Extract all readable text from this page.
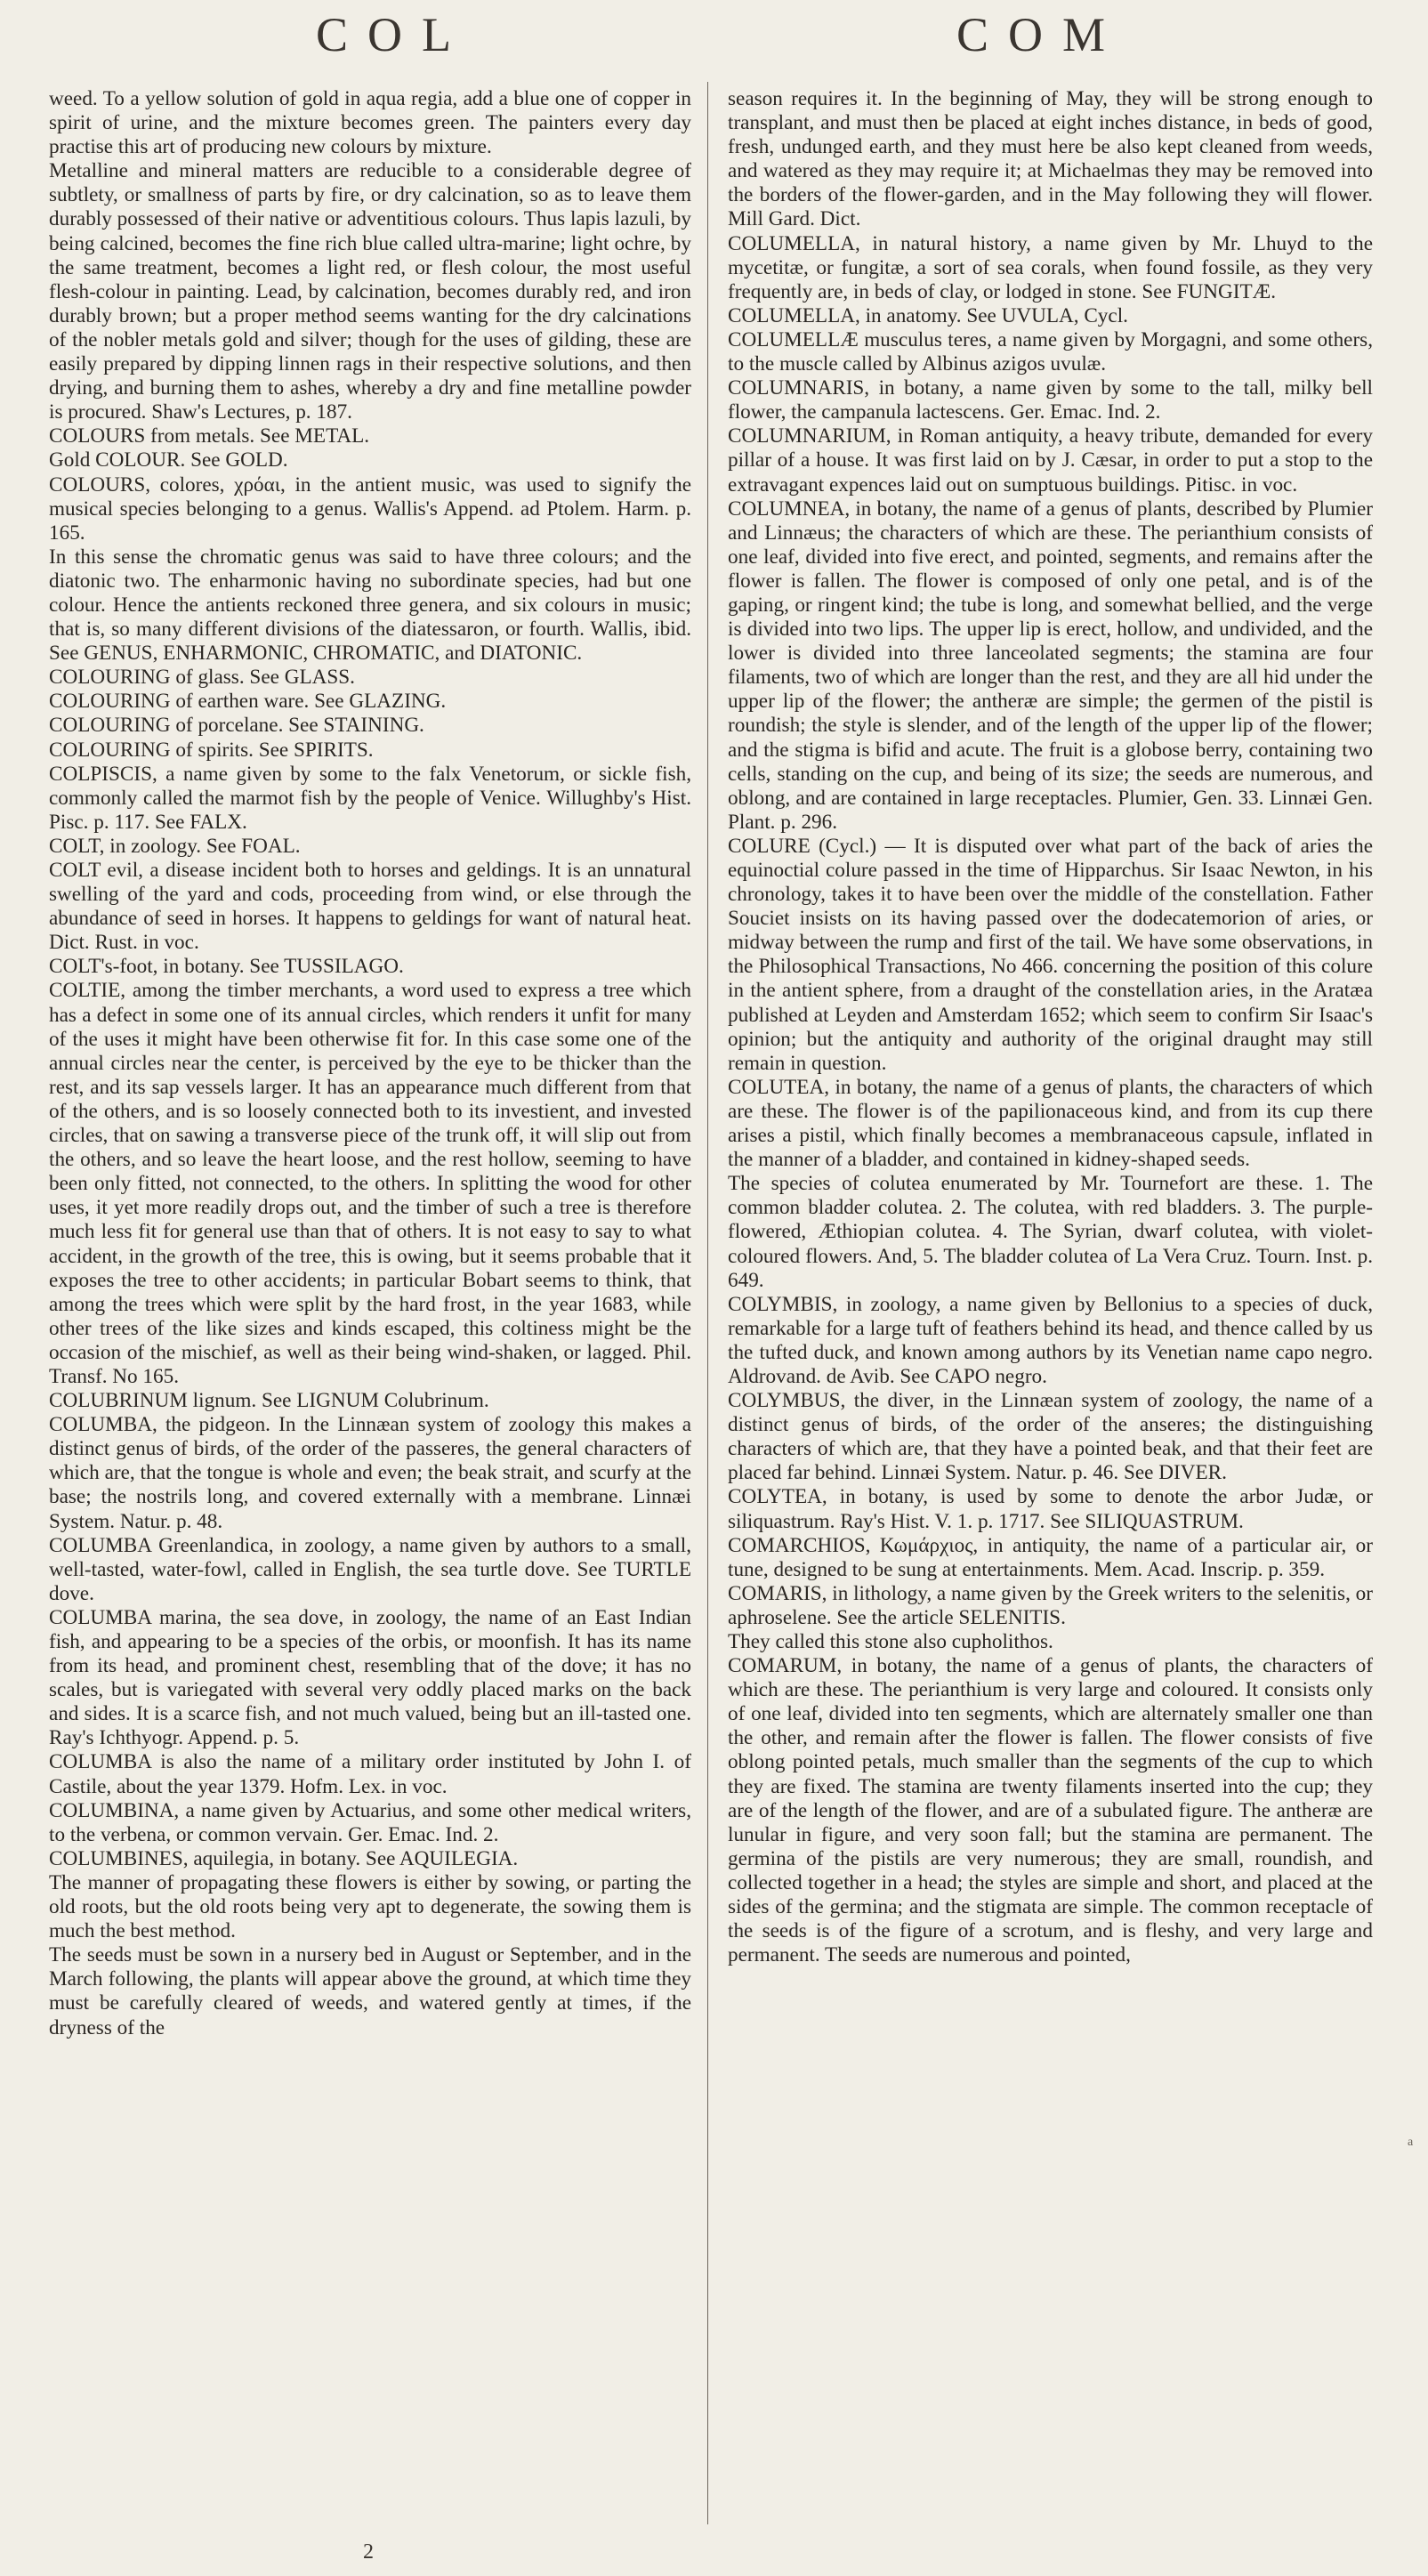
COL	COM

weed. To a yellow solution of gold in aqua regia, add a blue one of copper in spirit of urine, and the mixture becomes green. The painters every day practise this art of producing new colours by mixture.

Metalline and mineral matters are reducible to a considerable degree of subtlety, or smallness of parts by fire, or dry calcination, so as to leave them durably possessed of their native or adventitious colours. Thus lapis lazuli, by being calcined, becomes the fine rich blue called ultra-marine; light ochre, by the same treatment, becomes a light red, or flesh colour, the most useful flesh-colour in painting. Lead, by calcination, becomes durably red, and iron durably brown; but a proper method seems wanting for the dry calcinations of the nobler metals gold and silver; though for the uses of gilding, these are easily prepared by dipping linnen rags in their respective solutions, and then drying, and burning them to ashes, whereby a dry and fine metalline powder is procured. Shaw's Lectures, p. 187.

COLOURS from metals. See METAL.

Gold COLOUR. See GOLD.

COLOURS, colores, χρόαι, in the antient music, was used to signify the musical species belonging to a genus. Wallis's Append. ad Ptolem. Harm. p. 165.

In this sense the chromatic genus was said to have three colours; and the diatonic two. The enharmonic having no subordinate species, had but one colour. Hence the antients reckoned three genera, and six colours in music; that is, so many different divisions of the diatessaron, or fourth. Wallis, ibid. See GENUS, ENHARMONIC, CHROMATIC, and DIATONIC.

COLOURING of glass. See GLASS.

COLOURING of earthen ware. See GLAZING.

COLOURING of porcelane. See STAINING.

COLOURING of spirits. See SPIRITS.

COLPISCIS, a name given by some to the falx Venetorum, or sickle fish, commonly called the marmot fish by the people of Venice. Willughby's Hist. Pisc. p. 117. See FALX.

COLT, in zoology. See FOAL.

COLT evil, a disease incident both to horses and geldings. It is an unnatural swelling of the yard and cods, proceeding from wind, or else through the abundance of seed in horses. It happens to geldings for want of natural heat. Dict. Rust. in voc.

COLT's-foot, in botany. See TUSSILAGO.

COLTIE, among the timber merchants, a word used to express a tree which has a defect in some one of its annual circles, which renders it unfit for many of the uses it might have been otherwise fit for. In this case some one of the annual circles near the center, is perceived by the eye to be thicker than the rest, and its sap vessels larger. It has an appearance much different from that of the others, and is so loosely connected both to its investient, and invested circles, that on sawing a transverse piece of the trunk off, it will slip out from the others, and so leave the heart loose, and the rest hollow, seeming to have been only fitted, not connected, to the others. In splitting the wood for other uses, it yet more readily drops out, and the timber of such a tree is therefore much less fit for general use than that of others. It is not easy to say to what accident, in the growth of the tree, this is owing, but it seems probable that it exposes the tree to other accidents; in particular Bobart seems to think, that among the trees which were split by the hard frost, in the year 1683, while other trees of the like sizes and kinds escaped, this coltiness might be the occasion of the mischief, as well as their being wind-shaken, or lagged. Phil. Transf. No 165.

COLUBRINUM lignum. See LIGNUM Colubrinum.

COLUMBA, the pidgeon. In the Linnæan system of zoology this makes a distinct genus of birds, of the order of the passeres, the general characters of which are, that the tongue is whole and even; the beak strait, and scurfy at the base; the nostrils long, and covered externally with a membrane. Linnæi System. Natur. p. 48.

COLUMBA Greenlandica, in zoology, a name given by authors to a small, well-tasted, water-fowl, called in English, the sea turtle dove. See TURTLE dove.

COLUMBA marina, the sea dove, in zoology, the name of an East Indian fish, and appearing to be a species of the orbis, or moonfish. It has its name from its head, and prominent chest, resembling that of the dove; it has no scales, but is variegated with several very oddly placed marks on the back and sides. It is a scarce fish, and not much valued, being but an ill-tasted one. Ray's Ichthyogr. Append. p. 5.

COLUMBA is also the name of a military order instituted by John I. of Castile, about the year 1379. Hofm. Lex. in voc.

COLUMBINA, a name given by Actuarius, and some other medical writers, to the verbena, or common vervain. Ger. Emac. Ind. 2.

COLUMBINES, aquilegia, in botany. See AQUILEGIA.

The manner of propagating these flowers is either by sowing, or parting the old roots, but the old roots being very apt to degenerate, the sowing them is much the best method.

The seeds must be sown in a nursery bed in August or September, and in the March following, the plants will appear above the ground, at which time they must be carefully cleared of weeds, and watered gently at times, if the dryness of the

season requires it. In the beginning of May, they will be strong enough to transplant, and must then be placed at eight inches distance, in beds of good, fresh, undunged earth, and they must here be also kept cleaned from weeds, and watered as they may require it; at Michaelmas they may be removed into the borders of the flower-garden, and in the May following they will flower. Mill Gard. Dict.

COLUMELLA, in natural history, a name given by Mr. Lhuyd to the mycetitæ, or fungitæ, a sort of sea corals, when found fossile, as they very frequently are, in beds of clay, or lodged in stone. See FUNGITÆ.

COLUMELLA, in anatomy. See UVULA, Cycl.

COLUMELLÆ musculus teres, a name given by Morgagni, and some others, to the muscle called by Albinus azigos uvulæ.

COLUMNARIS, in botany, a name given by some to the tall, milky bell flower, the campanula lactescens. Ger. Emac. Ind. 2.

COLUMNARIUM, in Roman antiquity, a heavy tribute, demanded for every pillar of a house. It was first laid on by J. Cæsar, in order to put a stop to the extravagant expences laid out on sumptuous buildings. Pitisc. in voc.

COLUMNEA, in botany, the name of a genus of plants, described by Plumier and Linnæus; the characters of which are these. The perianthium consists of one leaf, divided into five erect, and pointed, segments, and remains after the flower is fallen. The flower is composed of only one petal, and is of the gaping, or ringent kind; the tube is long, and somewhat bellied, and the verge is divided into two lips. The upper lip is erect, hollow, and undivided, and the lower is divided into three lanceolated segments; the stamina are four filaments, two of which are longer than the rest, and they are all hid under the upper lip of the flower; the antheræ are simple; the germen of the pistil is roundish; the style is slender, and of the length of the upper lip of the flower; and the stigma is bifid and acute. The fruit is a globose berry, containing two cells, standing on the cup, and being of its size; the seeds are numerous, and oblong, and are contained in large receptacles. Plumier, Gen. 33. Linnæi Gen. Plant. p. 296.

COLURE (Cycl.) — It is disputed over what part of the back of aries the equinoctial colure passed in the time of Hipparchus. Sir Isaac Newton, in his chronology, takes it to have been over the middle of the constellation. Father Souciet insists on its having passed over the dodecatemorion of aries, or midway between the rump and first of the tail. We have some observations, in the Philosophical Transactions, No 466. concerning the position of this colure in the antient sphere, from a draught of the constellation aries, in the Aratæa published at Leyden and Amsterdam 1652; which seem to confirm Sir Isaac's opinion; but the antiquity and authority of the original draught may still remain in question.

COLUTEA, in botany, the name of a genus of plants, the characters of which are these. The flower is of the papilionaceous kind, and from its cup there arises a pistil, which finally becomes a membranaceous capsule, inflated in the manner of a bladder, and contained in kidney-shaped seeds.

The species of colutea enumerated by Mr. Tournefort are these. 1. The common bladder colutea. 2. The colutea, with red bladders. 3. The purple-flowered, Æthiopian colutea. 4. The Syrian, dwarf colutea, with violet-coloured flowers. And, 5. The bladder colutea of La Vera Cruz. Tourn. Inst. p. 649.

COLYMBIS, in zoology, a name given by Bellonius to a species of duck, remarkable for a large tuft of feathers behind its head, and thence called by us the tufted duck, and known among authors by its Venetian name capo negro. Aldrovand. de Avib. See CAPO negro.

COLYMBUS, the diver, in the Linnæan system of zoology, the name of a distinct genus of birds, of the order of the anseres; the distinguishing characters of which are, that they have a pointed beak, and that their feet are placed far behind. Linnæi System. Natur. p. 46. See DIVER.

COLYTEA, in botany, is used by some to denote the arbor Judæ, or siliquastrum. Ray's Hist. V. 1. p. 1717. See SILIQUASTRUM.

COMARCHIOS, Κωμάρχιος, in antiquity, the name of a particular air, or tune, designed to be sung at entertainments. Mem. Acad. Inscrip. p. 359.

COMARIS, in lithology, a name given by the Greek writers to the selenitis, or aphroselene. See the article SELENITIS.

They called this stone also cupholithos.

COMARUM, in botany, the name of a genus of plants, the characters of which are these. The perianthium is very large and coloured. It consists only of one leaf, divided into ten segments, which are alternately smaller one than the other, and remain after the flower is fallen. The flower consists of five oblong pointed petals, much smaller than the segments of the cup to which they are fixed. The stamina are twenty filaments inserted into the cup; they are of the length of the flower, and are of a subulated figure. The antheræ are lunular in figure, and very soon fall; but the stamina are permanent. The germina of the pistils are very numerous; they are small, roundish, and collected together in a head; the styles are simple and short, and placed at the sides of the germina; and the stigmata are simple. The common receptacle of the seeds is of the figure of a scrotum, and is fleshy, and very large and permanent. The seeds are numerous and pointed,

2
a
